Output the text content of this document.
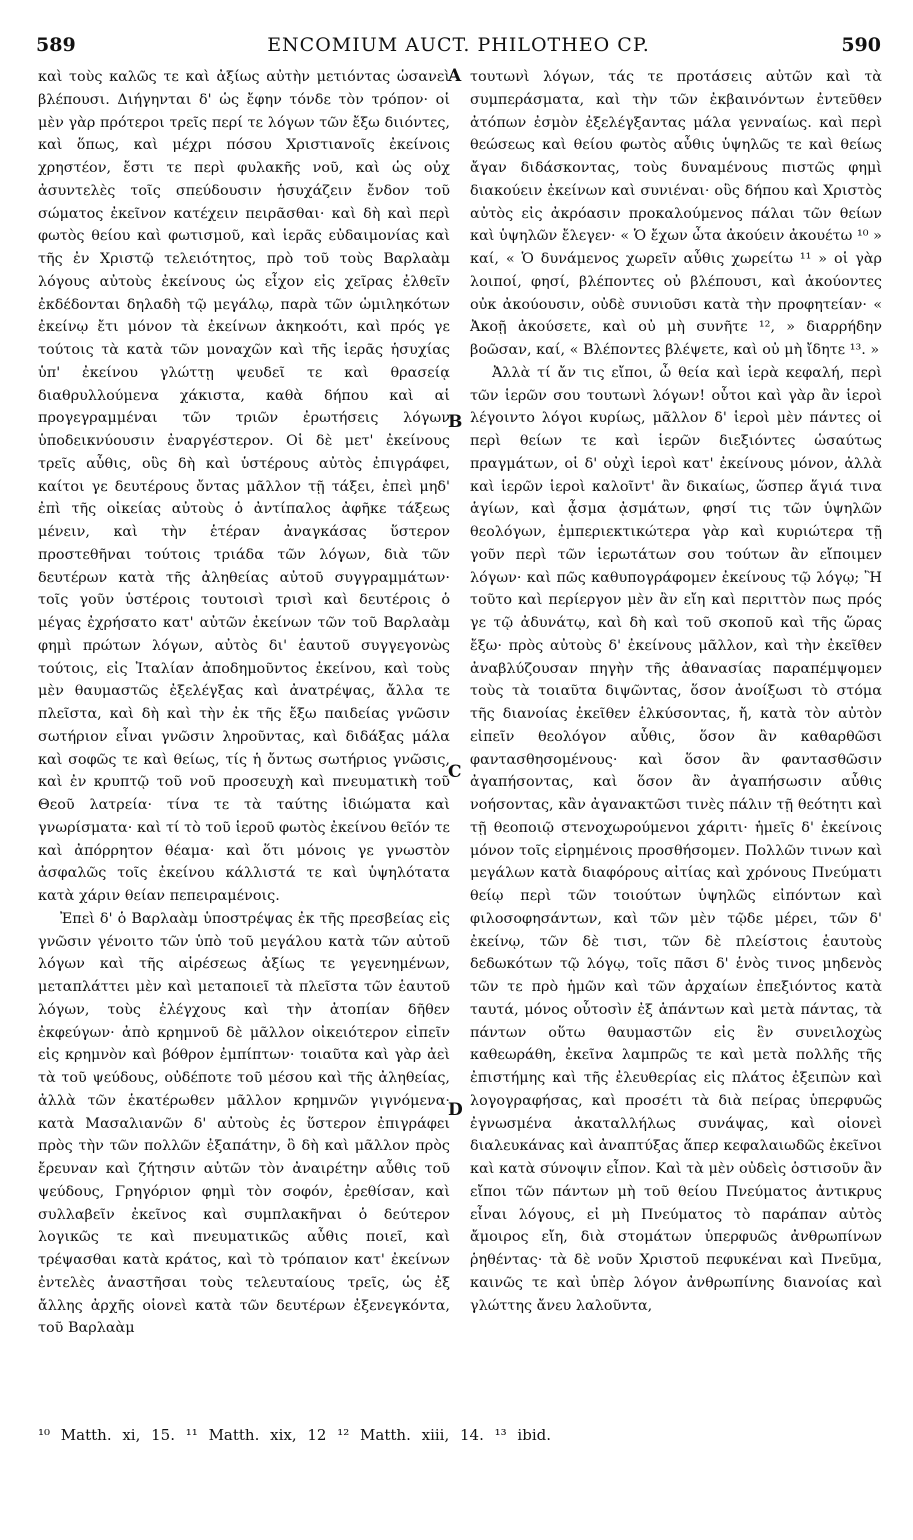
589	ENCOMIUM AUCT. PHILOTHEO CP.	590

καὶ τοὺς καλῶς τε καὶ ἀξίως αὐτὴν μετιόντας ὡσανεὶ βλέπουσι. Διήγηνται δ' ὡς ἔφην τόνδε τὸν τρόπον· οἱ μὲν γὰρ πρότεροι τρεῖς περί τε λόγων τῶν ἔξω διιόντες, καὶ ὅπως, καὶ μέχρι πόσου Χριστιανοῖς ἐκείνοις χρηστέον, ἔστι τε περὶ φυλακῆς νοῦ, καὶ ὡς οὐχ ἀσυντελὲς τοῖς σπεύδουσιν ἡσυχάζειν ἔνδον τοῦ σώματος ἐκεῖνον κατέχειν πειρᾶσθαι· καὶ δὴ καὶ περὶ φωτὸς θείου καὶ φωτισμοῦ, καὶ ἱερᾶς εὐδαιμονίας καὶ τῆς ἐν Χριστῷ τελειότητος, πρὸ τοῦ τοὺς Βαρλαὰμ λόγους αὐτοὺς ἐκείνους ὡς εἶχον εἰς χεῖρας ἐλθεῖν ἐκδέδονται δηλαδὴ τῷ μεγάλῳ, παρὰ τῶν ὡμιληκότων ἐκείνῳ ἔτι μόνον τὰ ἐκείνων ἀκηκοότι, καὶ πρός γε τούτοις τὰ κατὰ τῶν μοναχῶν καὶ τῆς ἱερᾶς ἡσυχίας ὑπ' ἐκείνου γλώττῃ ψευδεῖ τε καὶ θρασείᾳ διαθρυλλούμενα χάκιστα, καθὰ δήπου καὶ αἱ προγεγραμμέναι τῶν τριῶν ἐρωτήσεις λόγων ὑποδεικνύουσιν ἐναργέστερον. Οἱ δὲ μετ' ἐκείνους τρεῖς αὖθις, οὓς δὴ καὶ ὑστέρους αὐτὸς ἐπιγράφει, καίτοι γε δευτέρους ὄντας μᾶλλον τῇ τάξει, ἐπεὶ μηδ' ἐπὶ τῆς οἰκείας αὐτοὺς ὁ ἀντίπαλος ἀφῆκε τάξεως μένειν, καὶ τὴν ἑτέραν ἀναγκάσας ὕστερον προστεθῆναι τούτοις τριάδα τῶν λόγων, διὰ τῶν δευτέρων κατὰ τῆς ἀληθείας αὐτοῦ συγγραμμάτων· τοῖς γοῦν ὑστέροις τουτοισὶ τρισὶ καὶ δευτέροις ὁ μέγας ἐχρήσατο κατ' αὐτῶν ἐκείνων τῶν τοῦ Βαρλαὰμ φημὶ πρώτων λόγων, αὐτὸς δι' ἑαυτοῦ συγγεγονὼς τούτοις, εἰς Ἰταλίαν ἀποδημοῦντος ἐκείνου, καὶ τοὺς μὲν θαυμαστῶς ἐξελέγξας καὶ ἀνατρέψας, ἄλλα τε πλεῖστα, καὶ δὴ καὶ τὴν ἐκ τῆς ἔξω παιδείας γνῶσιν σωτήριον εἶναι γνῶσιν ληροῦντας, καὶ διδάξας μάλα καὶ σοφῶς τε καὶ θείως, τίς ἡ ὄντως σωτήριος γνῶσις, καὶ ἐν κρυπτῷ τοῦ νοῦ προσευχὴ καὶ πνευματικὴ τοῦ Θεοῦ λατρεία· τίνα τε τὰ ταύτης ἰδιώματα καὶ γνωρίσματα· καὶ τί τὸ τοῦ ἱεροῦ φωτὸς ἐκείνου θεῖόν τε καὶ ἀπόρρητον θέαμα· καὶ ὅτι μόνοις γε γνωστὸν ἀσφαλῶς τοῖς ἐκείνου κάλλιστά τε καὶ ὑψηλότατα κατὰ χάριν θείαν πεπειραμένοις.

Ἐπεὶ δ' ὁ Βαρλαὰμ ὑποστρέψας ἐκ τῆς πρεσβείας εἰς γνῶσιν γένοιτο τῶν ὑπὸ τοῦ μεγάλου κατὰ τῶν αὐτοῦ λόγων καὶ τῆς αἱρέσεως ἀξίως τε γεγενημένων, μεταπλάττει μὲν καὶ μεταποιεῖ τὰ πλεῖστα τῶν ἑαυτοῦ λόγων, τοὺς ἐλέγχους καὶ τὴν ἀτοπίαν δῆθεν ἐκφεύγων· ἀπὸ κρημνοῦ δὲ μᾶλλον οἰκειότερον εἰπεῖν εἰς κρημνὸν καὶ βόθρον ἐμπίπτων· τοιαῦτα καὶ γὰρ ἀεὶ τὰ τοῦ ψεύδους, οὐδέποτε τοῦ μέσου καὶ τῆς ἀληθείας, ἀλλὰ τῶν ἑκατέρωθεν μᾶλλον κρημνῶν γιγνόμενα· κατὰ Μασαλιανῶν δ' αὐτοὺς ἐς ὕστερον ἐπιγράφει πρὸς τὴν τῶν πολλῶν ἐξαπάτην, ὃ δὴ καὶ μᾶλλον πρὸς ἔρευναν καὶ ζήτησιν αὐτῶν τὸν ἀναιρέτην αὖθις τοῦ ψεύδους, Γρηγόριον φημὶ τὸν σοφόν, ἐρεθίσαν, καὶ συλλαβεῖν ἐκεῖνος καὶ συμπλακῆναι ὁ δεύτερον λογικῶς τε καὶ πνευματικῶς αὖθις ποιεῖ, καὶ τρέψασθαι κατὰ κράτος, καὶ τὸ τρόπαιον κατ' ἐκείνων ἐντελὲς ἀναστῆσαι τοὺς τελευταίους τρεῖς, ὡς ἐξ ἄλλης ἀρχῆς οἱονεὶ κατὰ τῶν δευτέρων ἐξενεγκόντα, τοῦ Βαρλαὰμ

A
B
C
D

τουτωνὶ λόγων, τάς τε προτάσεις αὐτῶν καὶ τὰ συμπεράσματα, καὶ τὴν τῶν ἐκβαινόντων ἐντεῦθεν ἀτόπων ἐσμὸν ἐξελέγξαντας μάλα γενναίως. καὶ περὶ θεώσεως καὶ θείου φωτὸς αὖθις ὑψηλῶς τε καὶ θείως ἄγαν διδάσκοντας, τοὺς δυναμένους πιστῶς φημὶ διακούειν ἐκείνων καὶ συνιέναι· οὓς δήπου καὶ Χριστὸς αὐτὸς εἰς ἀκρόασιν προκαλούμενος πάλαι τῶν θείων καὶ ὑψηλῶν ἔλεγεν· « Ὁ ἔχων ὦτα ἀκούειν ἀκουέτω ¹⁰ » καί, « Ὁ δυνάμενος χωρεῖν αὖθις χωρείτω ¹¹ » οἱ γὰρ λοιποί, φησί, βλέποντες οὐ βλέπουσι, καὶ ἀκούοντες οὐκ ἀκούουσιν, οὐδὲ συνιοῦσι κατὰ τὴν προφητείαν· « Ἀκοῇ ἀκούσετε, καὶ οὐ μὴ συνῆτε ¹², » διαρρήδην βοῶσαν, καί, « Βλέποντες βλέψετε, καὶ οὐ μὴ ἴδητε ¹³. »

Ἀλλὰ τί ἄν τις εἴποι, ὦ θεία καὶ ἱερὰ κεφαλή, περὶ τῶν ἱερῶν σου τουτωνὶ λόγων! οὗτοι καὶ γὰρ ἂν ἱεροὶ λέγοιντο λόγοι κυρίως, μᾶλλον δ' ἱεροὶ μὲν πάντες οἱ περὶ θείων τε καὶ ἱερῶν διεξιόντες ὡσαύτως πραγμάτων, οἱ δ' οὐχὶ ἱεροὶ κατ' ἐκείνους μόνον, ἀλλὰ καὶ ἱερῶν ἱεροὶ καλοῖντ' ἂν δικαίως, ὥσπερ ἅγιά τινα ἁγίων, καὶ ᾆσμα ᾀσμάτων, φησί τις τῶν ὑψηλῶν θεολόγων, ἐμπεριεκτικώτερα γὰρ καὶ κυριώτερα τῇ γοῦν περὶ τῶν ἱερωτάτων σου τούτων ἂν εἴποιμεν λόγων· καὶ πῶς καθυπογράφομεν ἐκείνους τῷ λόγῳ; Ἢ τοῦτο καὶ περίεργον μὲν ἂν εἴη καὶ περιττὸν πως πρός γε τῷ ἀδυνάτῳ, καὶ δὴ καὶ τοῦ σκοποῦ καὶ τῆς ὥρας ἔξω· πρὸς αὐτοὺς δ' ἐκείνους μᾶλλον, καὶ τὴν ἐκεῖθεν ἀναβλύζουσαν πηγὴν τῆς ἀθανασίας παραπέμψομεν τοὺς τὰ τοιαῦτα διψῶντας, ὅσον ἀνοίξωσι τὸ στόμα τῆς διανοίας ἐκεῖθεν ἑλκύσοντας, ἤ, κατὰ τὸν αὐτὸν εἰπεῖν θεολόγον αὖθις, ὅσον ἂν καθαρθῶσι φαντασθησομένους· καὶ ὅσον ἂν φαντασθῶσιν ἀγαπήσοντας, καὶ ὅσον ἂν ἀγαπήσωσιν αὖθις νοήσοντας, κἂν ἀγανακτῶσι τινὲς πάλιν τῇ θεότητι καὶ τῇ θεοποιῷ στενοχωρούμενοι χάριτι· ἡμεῖς δ' ἐκείνοις μόνον τοῖς εἰρημένοις προσθήσομεν. Πολλῶν τινων καὶ μεγάλων κατὰ διαφόρους αἰτίας καὶ χρόνους Πνεύματι θείῳ περὶ τῶν τοιούτων ὑψηλῶς εἰπόντων καὶ φιλοσοφησάντων, καὶ τῶν μὲν τῷδε μέρει, τῶν δ' ἐκείνῳ, τῶν δὲ τισι, τῶν δὲ πλείστοις ἑαυτοὺς δεδωκότων τῷ λόγῳ, τοῖς πᾶσι δ' ἑνὸς τινος μηδενὸς τῶν τε πρὸ ἡμῶν καὶ τῶν ἀρχαίων ἐπεξιόντος κατὰ ταυτά, μόνος οὗτοσὶν ἐξ ἁπάντων καὶ μετὰ πάντας, τὰ πάντων οὕτω θαυμαστῶν εἰς ἓν συνειλοχὼς καθεωράθη, ἐκεῖνα λαμπρῶς τε καὶ μετὰ πολλῆς τῆς ἐπιστήμης καὶ τῆς ἐλευθερίας εἰς πλάτος ἐξειπὼν καὶ λογογραφήσας, καὶ προσέτι τὰ διὰ πείρας ὑπερφυῶς ἐγνωσμένα ἀκαταλλήλως συνάψας, καὶ οἱονεὶ διαλευκάνας καὶ ἀναπτύξας ἅπερ κεφαλαιωδῶς ἐκεῖνοι καὶ κατὰ σύνοψιν εἶπον. Καὶ τὰ μὲν οὐδεὶς ὁστισοῦν ἂν εἴποι τῶν πάντων μὴ τοῦ θείου Πνεύματος ἀντικρυς εἶναι λόγους, εἰ μὴ Πνεύματος τὸ παράπαν αὐτὸς ἄμοιρος εἴη, διὰ στομάτων ὑπερφυῶς ἀνθρωπίνων ῥηθέντας· τὰ δὲ νοῦν Χριστοῦ πεφυκέναι καὶ Πνεῦμα, καινῶς τε καὶ ὑπὲρ λόγον ἀνθρωπίνης διανοίας καὶ γλώττης ἄνευ λαλοῦντα,

¹⁰ Matth. xi, 15. ¹¹ Matth. xix, 12 ¹² Matth. xiii, 14. ¹³ ibid.
